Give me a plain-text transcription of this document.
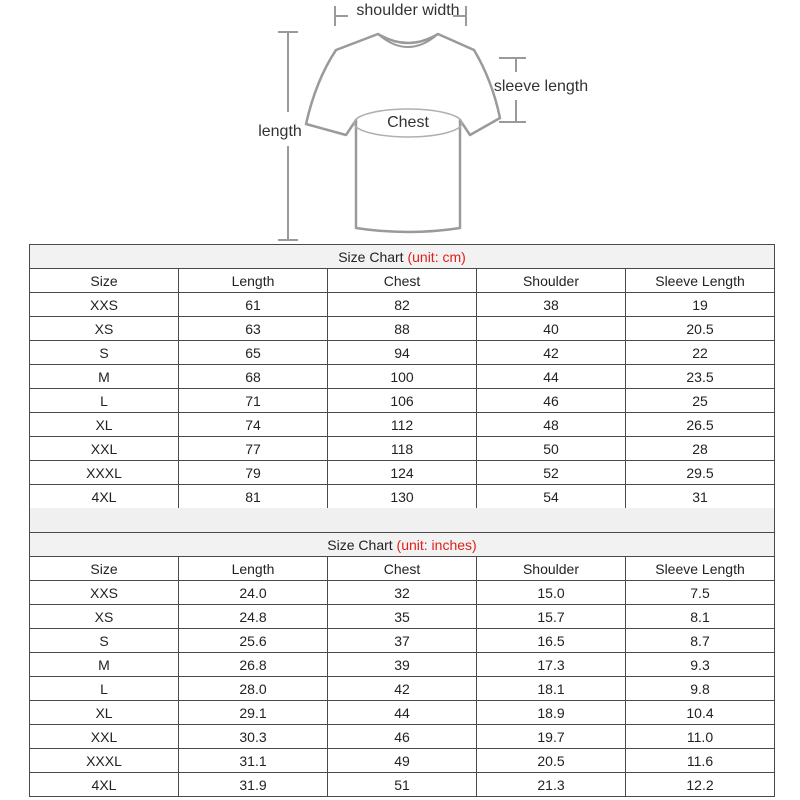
shoulder width
length
sleeve length
Chest
Size Chart (unit: cm)				
Size	Length	Chest	Shoulder	Sleeve Length
XXS	61	82	38	19
XS	63	88	40	20.5
S	65	94	42	22
M	68	100	44	23.5
L	71	106	46	25
XL	74	112	48	26.5
XXL	77	118	50	28
XXXL	79	124	52	29.5
4XL	81	130	54	31
Size Chart (unit: inches)				
Size	Length	Chest	Shoulder	Sleeve Length
XXS	24.0	32	15.0	7.5
XS	24.8	35	15.7	8.1
S	25.6	37	16.5	8.7
M	26.8	39	17.3	9.3
L	28.0	42	18.1	9.8
XL	29.1	44	18.9	10.4
XXL	30.3	46	19.7	11.0
XXXL	31.1	49	20.5	11.6
4XL	31.9	51	21.3	12.2
